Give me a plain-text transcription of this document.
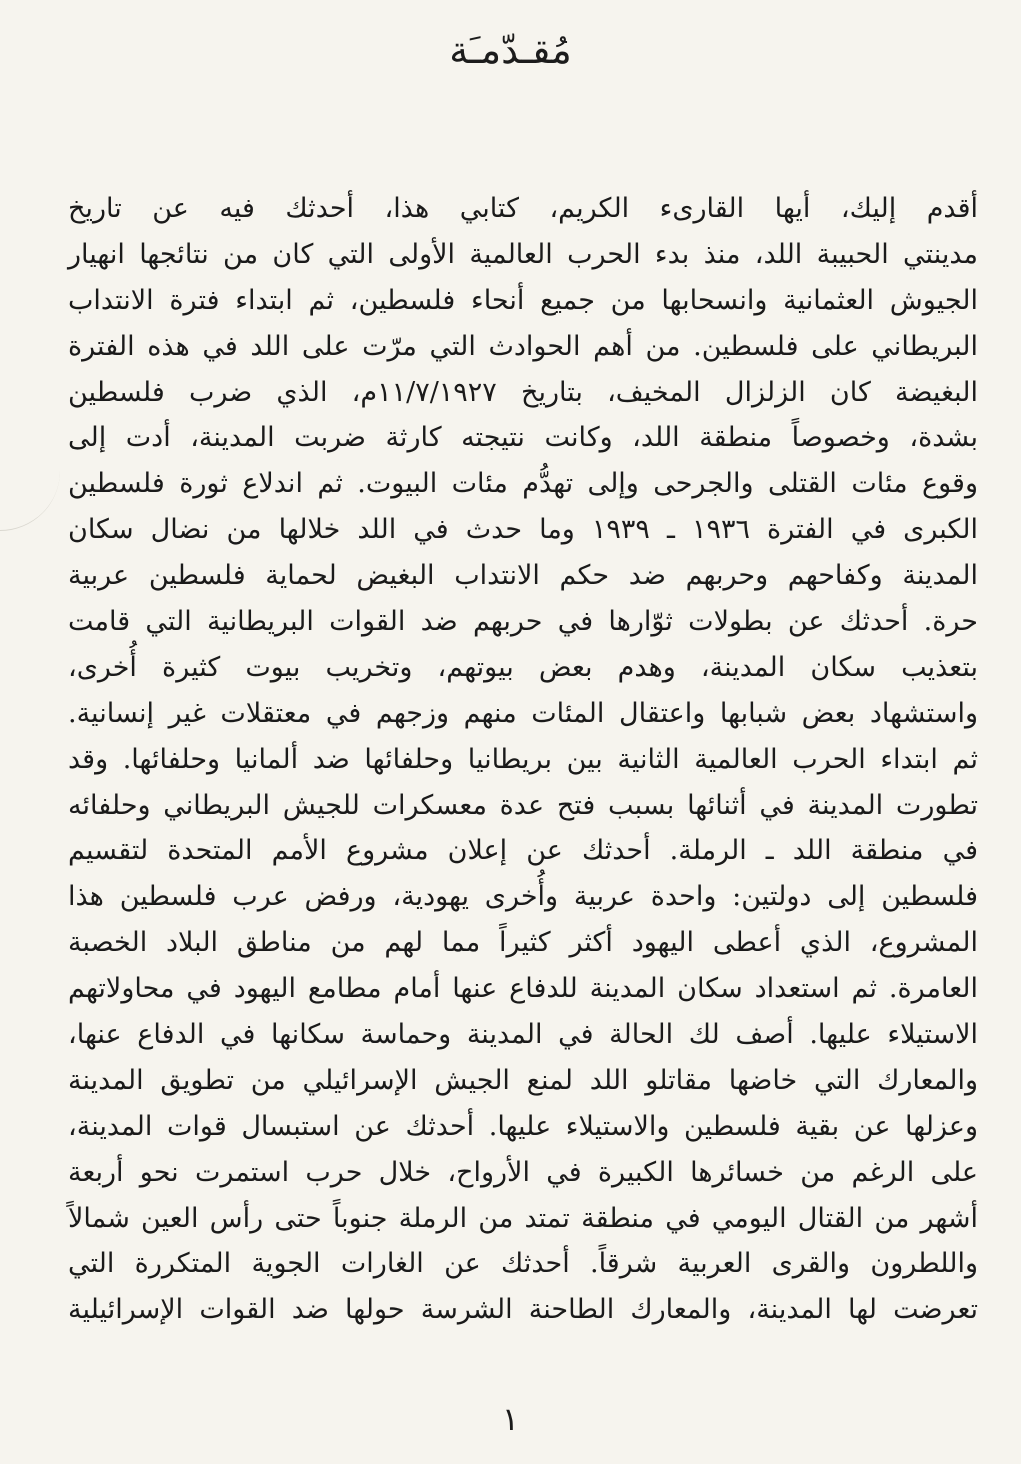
مُقـدّمـَة
أقدم إليك، أيها القارىء الكريم، كتابي هذا، أحدثك فيه عن تاريخ
مدينتي الحبيبة اللد، منذ بدء الحرب العالمية الأولى التي كان من نتائجها انهيار
الجيوش العثمانية وانسحابها من جميع أنحاء فلسطين، ثم ابتداء فترة الانتداب
البريطاني على فلسطين. من أهم الحوادث التي مرّت على اللد في هذه الفترة
البغيضة كان الزلزال المخيف، بتاريخ ١١/٧/١٩٢٧م، الذي ضرب فلسطين
بشدة، وخصوصاً منطقة اللد، وكانت نتيجته كارثة ضربت المدينة، أدت إلى
وقوع مئات القتلى والجرحى وإلى تهدُّم مئات البيوت. ثم اندلاع ثورة فلسطين
الكبرى في الفترة ١٩٣٦ ـ ١٩٣٩ وما حدث في اللد خلالها من نضال سكان
المدينة وكفاحهم وحربهم ضد حكم الانتداب البغيض لحماية فلسطين عربية
حرة. أحدثك عن بطولات ثوّارها في حربهم ضد القوات البريطانية التي قامت
بتعذيب سكان المدينة، وهدم بعض بيوتهم، وتخريب بيوت كثيرة أُخرى،
واستشهاد بعض شبابها واعتقال المئات منهم وزجهم في معتقلات غير إنسانية.
ثم ابتداء الحرب العالمية الثانية بين بريطانيا وحلفائها ضد ألمانيا وحلفائها. وقد
تطورت المدينة في أثنائها بسبب فتح عدة معسكرات للجيش البريطاني وحلفائه
في منطقة اللد ـ الرملة. أحدثك عن إعلان مشروع الأمم المتحدة لتقسيم
فلسطين إلى دولتين: واحدة عربية وأُخرى يهودية، ورفض عرب فلسطين هذا
المشروع، الذي أعطى اليهود أكثر كثيراً مما لهم من مناطق البلاد الخصبة
العامرة. ثم استعداد سكان المدينة للدفاع عنها أمام مطامع اليهود في محاولاتهم
الاستيلاء عليها. أصف لك الحالة في المدينة وحماسة سكانها في الدفاع عنها،
والمعارك التي خاضها مقاتلو اللد لمنع الجيش الإسرائيلي من تطويق المدينة
وعزلها عن بقية فلسطين والاستيلاء عليها. أحدثك عن استبسال قوات المدينة،
على الرغم من خسائرها الكبيرة في الأرواح، خلال حرب استمرت نحو أربعة
أشهر من القتال اليومي في منطقة تمتد من الرملة جنوباً حتى رأس العين شمالاً
واللطرون والقرى العربية شرقاً. أحدثك عن الغارات الجوية المتكررة التي
تعرضت لها المدينة، والمعارك الطاحنة الشرسة حولها ضد القوات الإسرائيلية
١
